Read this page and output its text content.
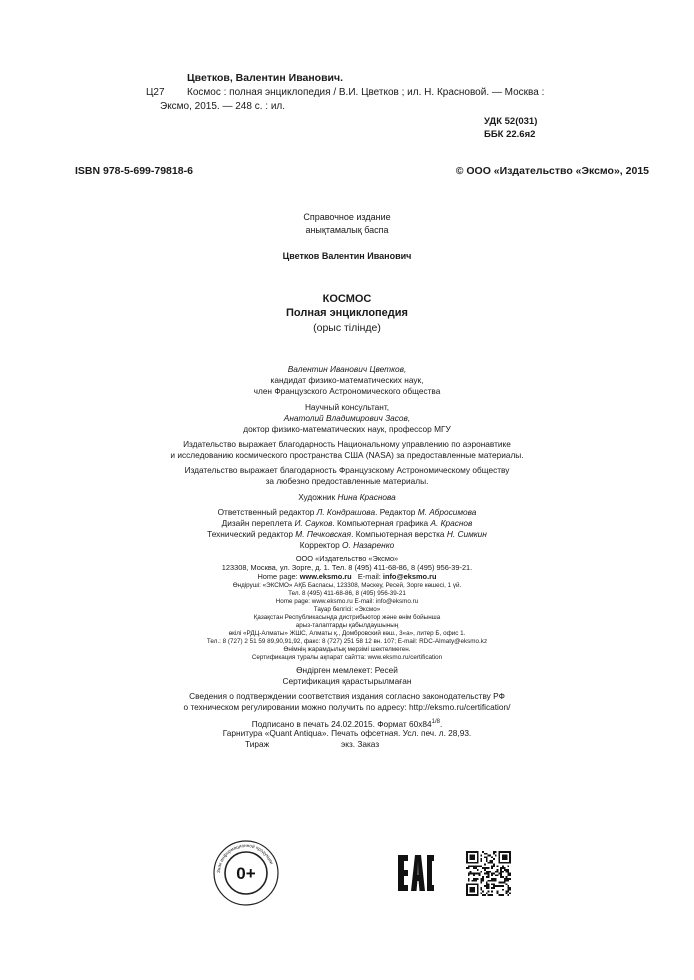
Цветков, Валентин Иванович.
Ц27 Космос : полная энциклопедия / В.И. Цветков ; ил. Н. Красновой. — Москва :
Эксмо, 2015. — 248 с. : ил.
УДК 52(031)
ББК 22.6я2
ISBN 978-5-699-79818-6	© ООО «Издательство «Эксмо», 2015
Справочное издание
анықтамалық баспа
Цветков Валентин Иванович
КОСМОС
Полная энциклопедия
(орыс тілінде)
Валентин Иванович Цветков,
кандидат физико-математических наук,
член Французского Астрономического общества
Научный консультант,
Анатолий Владимирович Засов,
доктор физико-математических наук, профессор МГУ
Издательство выражает благодарность Национальному управлению по аэронавтике
и исследованию космического пространства США (NASA) за предоставленные материалы.
Издательство выражает благодарность Французскому Астрономическому обществу
за любезно предоставленные материалы.
Художник Нина Краснова
Ответственный редактор Л. Кондрашова. Редактор М. Абросимова
Дизайн переплета И. Сауков. Компьютерная графика А. Краснов
Технический редактор М. Печковская. Компьютерная верстка Н. Симкин
Корректор О. Назаренко
ООО «Издательство «Эксмо»
123308, Москва, ул. Зорге, д. 1. Тел. 8 (495) 411-68-86, 8 (495) 956-39-21.
Home page: www.eksmo.ru E-mail: info@eksmo.ru
Өндіруші: «ЭКСМО» АҚБ Баспасы, 123308, Мәскеу, Ресей, Зорге көшесі, 1 үй.
Тел. 8 (495) 411-68-86, 8 (495) 956-39-21
Home page: www.eksmo.ru E-mail: info@eksmo.ru
Тауар белгісі: «Эксмо»
Қазақстан Республикасында дистрибьютор және өнім бойынша
арыз-талаптарды қабылдаушының
өкілі «РДЦ-Алматы» ЖШС, Алматы қ., Домбровский көш., 3«а», литер Б, офис 1.
Тел.: 8 (727) 2 51 59 89,90,91,92, факс: 8 (727) 251 58 12 вн. 107; E-mail: RDC-Almaty@eksmo.kz
Өнімнің жарамдылық мерзімі шектелмеген.
Сертификация туралы ақпарат сайтта: www.eksmo.ru/certification
Өндірген мемлекет: Ресей
Сертификация қарастырылмаған
Сведения о подтверждении соответствия издания согласно законодательству РФ
о техническом регулировании можно получить по адресу: http://eksmo.ru/certification/
Подписано в печать 24.02.2015. Формат $60x84^{1/8}$.
Гарнитура «Quant Antiqua». Печать офсетная. Усл. печ. л. 28,93.
Тираж	экз. Заказ
Знак информационной продукции
0+
